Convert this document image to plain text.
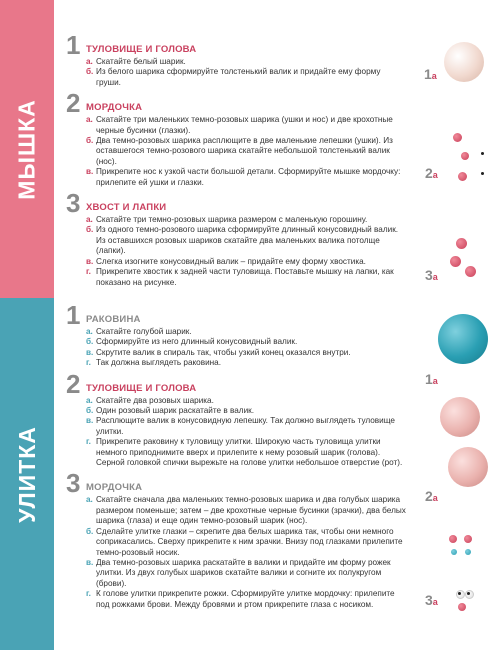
МЫШКА
УЛИТКА
1 ТУЛОВИЩЕ И ГОЛОВА
а. Скатайте белый шарик.
б. Из белого шарика сформируйте толстенький валик и придайте ему форму груши.
2 МОРДОЧКА
а. Скатайте три маленьких темно-розовых шарика (ушки и нос) и две крохотные черные бусинки (глазки).
б. Два темно-розовых шарика расплющите в две маленькие лепешки (ушки). Из оставшегося темно-розового шарика скатайте небольшой толстенький валик (нос).
в. Прикрепите нос к узкой части большой детали. Сформируйте мышке мордочку: прилепите ей ушки и глазки.
3 ХВОСТ И ЛАПКИ
а. Скатайте три темно-розовых шарика размером с маленькую горошину.
б. Из одного темно-розового шарика сформируйте длинный конусовидный валик. Из оставшихся розовых шариков скатайте два маленьких валика потолще (лапки).
в. Слегка изогните конусовидный валик – придайте ему форму хвостика.
г. Прикрепите хвостик к задней части туловища. Поставьте мышку на лапки, как показано на рисунке.
1 РАКОВИНА
а. Скатайте голубой шарик.
б. Сформируйте из него длинный конусовидный валик.
в. Скрутите валик в спираль так, чтобы узкий конец оказался внутри.
г. Так должна выглядеть раковина.
2 ТУЛОВИЩЕ И ГОЛОВА
а. Скатайте два розовых шарика.
б. Один розовый шарик раскатайте в валик.
в. Расплющите валик в конусовидную лепешку. Так должно выглядеть туловище улитки.
г. Прикрепите раковину к туловищу улитки. Широкую часть туловища улитки немного приподнимите вверх и прилепите к нему розовый шарик (голова). Серной головкой спички вырежьте на голове улитки небольшое отверстие (рот).
3 МОРДОЧКА
а. Скатайте сначала два маленьких темно-розовых шарика и два голубых шарика размером поменьше; затем – две крохотные черные бусинки (зрачки), два белых шарика (глаза) и еще один темно-розовый шарик (нос).
б. Сделайте улитке глазки – скрепите два белых шарика так, чтобы они немного соприкасались. Сверху прикрепите к ним зрачки. Внизу под глазками прилепите темно-розовый носик.
в. Два темно-розовых шарика раскатайте в валики и придайте им форму рожек улитки. Из двух голубых шариков скатайте валики и согните их полукругом (брови).
г. К голове улитки прикрепите рожки. Сформируйте улитке мордочку: прилепите под рожками брови. Между бровями и ртом прикрепите глаза с носиком.
1а
2а
3а
1а
2а
3а
